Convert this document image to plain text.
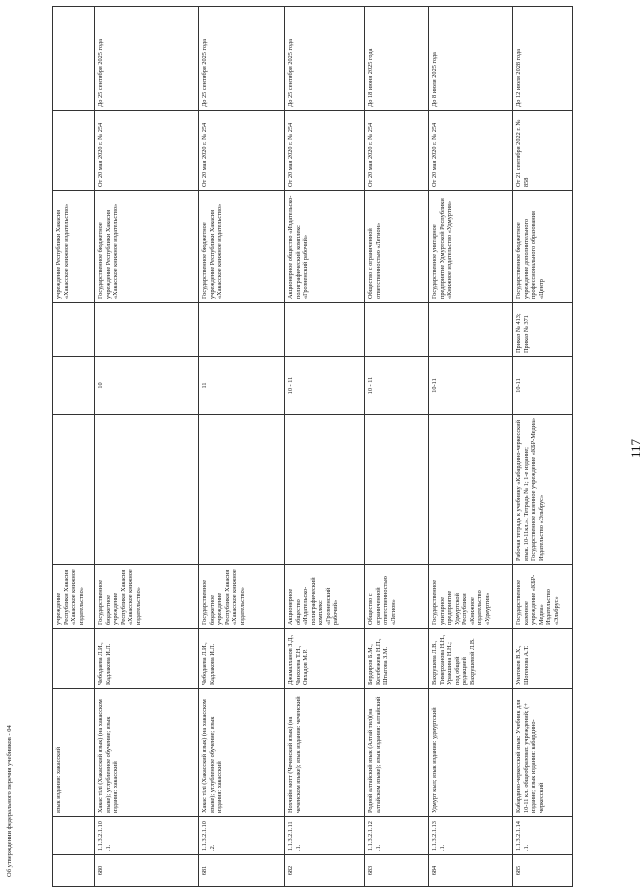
Об утверждении федерального перечня учебников - 04
117
		язык издания: хакасский		учреждение Республики Хакасия «Хакасское книжное издательство»				учреждение Республики Хакасия «Хакасское книжное издательство»		
680	1.1.3.2.1.10.1.	Хакас тілі (Хакасский язык) (на хакасском языке); углубленное обучение; язык издания: хакасский	Чебодаева Л.И., Кадлакова И.Л.	Государственное бюджетное учреждение Республики Хакасия «Хакасское книжное издательство»		10		Государственное бюджетное учреждение Республики Хакасия «Хакасское книжное издательство»	От 20 мая 2020 г. № 254	До 25 сентября 2025 года
681	1.1.3.2.1.10.2.	Хакас тілі (Хакасский язык) (на хакасском языке); углубленное обучение; язык издания: хакасский	Чебодаева Л.И., Кадлакова И.Л.	Государственное бюджетное учреждение Республики Хакасия «Хакасское книжное издательство»		11		Государственное бюджетное учреждение Республики Хакасия «Хакасское книжное издательство»	От 20 мая 2020 г. № 254	До 25 сентября 2025 года
682	1.1.3.2.1.11.1.	Нохчийн мотт (Чеченский язык) (на чеченском языке); язык издания: чеченский	Джамалханов З.Д., Чинхоева Т.Н., Овхадов М.Р.	Акционерное общество «Издательско-полиграфический комплекс «Грозненский рабочий»		10 - 11		Акционерное общество «Издательско-полиграфический комплекс «Грозненский рабочий»	От 20 мая 2020 г. № 254	До 25 сентября 2025 года
683	1.1.3.2.1.12.1.	Родной алтайский язык (Алтай тил)(на алтайском языке); язык издания: алтайский	Бердиров Б.М., Кесебежева Н.П., Штыгова З.М.	Общество с ограниченной ответственностью «Легион»		10 - 11		Общество с ограниченной ответственностью «Легион»	От 20 мая 2020 г. № 254	До 18 июня 2025 года
684	1.1.3.2.1.13.1.	Удмурт кыл; язык издания: удмуртский	Вахрушева Л.В., Тимерханова Н.Н., Уракшина Н.Н.; под общей редакцией Вахрушевой Л.В.	Государственное унитарное предприятие Удмуртской Республики «Книжное издательство «Удмуртия»		10-11		Государственное унитарное предприятие Удмуртской Республики «Книжное издательство «Удмуртия»	От 20 мая 2020 г. № 254	До 8 июля 2025 года
685	1.1.3.2.1.14.1.	Кабардино-черкесский язык: Учебник для 10-11 кл. общеобразоват. учреждений; (+ издание; язык издания: кабардино-черкесский	Унатоков В.Х., Шогенова А.Т.	Государственное казенное учреждение «КБР-Медиа» Издательство «Эльбрус»	Рабочая тетрадь к учебнику «Кабардино-черкесский язык. 10-11кл.». Тетрадь № 1; 1-е издание; Государственное казенное учреждение «КБР-Медиа» Издательство «Эльбрус»	10-11	Приказ № 413; Приказ № 371	Государственное бюджетное учреждение дополнительного профессионального образования «Центр	От 21 сентября 2022 г. № 858	До 12 июля 2028 года
